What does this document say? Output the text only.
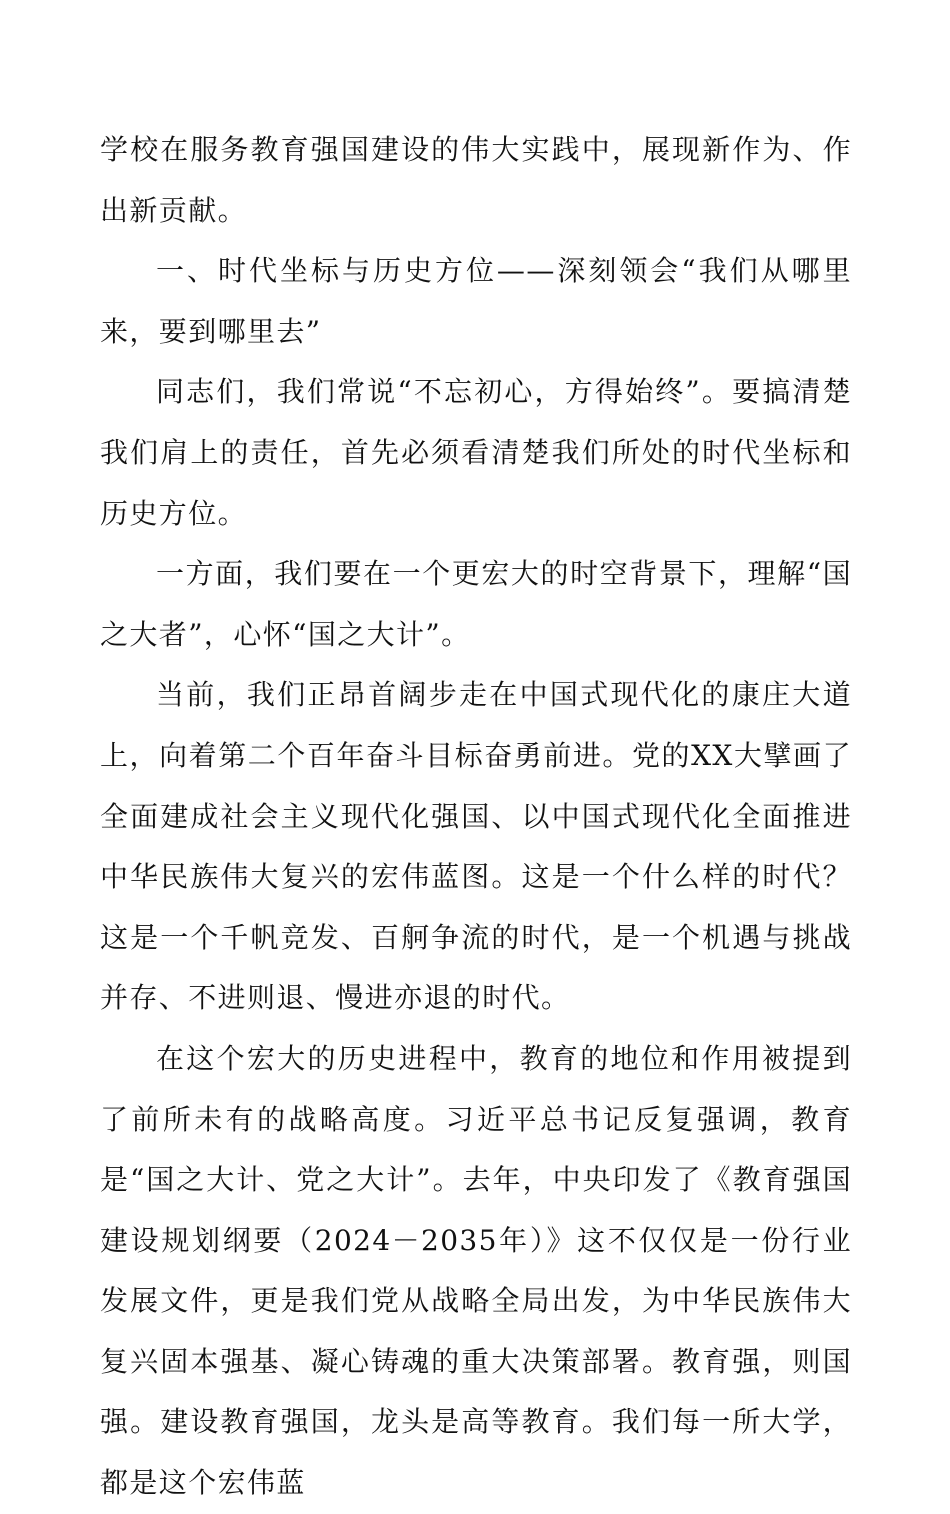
学校在服务教育强国建设的伟大实践中，展现新作为、作出新贡献。

一、时代坐标与历史方位——深刻领会“我们从哪里来，要到哪里去”

同志们，我们常说“不忘初心，方得始终”。要搞清楚我们肩上的责任，首先必须看清楚我们所处的时代坐标和历史方位。

一方面，我们要在一个更宏大的时空背景下，理解“国之大者”，心怀“国之大计”。

当前，我们正昂首阔步走在中国式现代化的康庄大道上，向着第二个百年奋斗目标奋勇前进。党的XX大擘画了全面建成社会主义现代化强国、以中国式现代化全面推进中华民族伟大复兴的宏伟蓝图。这是一个什么样的时代？这是一个千帆竞发、百舸争流的时代，是一个机遇与挑战并存、不进则退、慢进亦退的时代。

在这个宏大的历史进程中，教育的地位和作用被提到了前所未有的战略高度。习近平总书记反复强调，教育是“国之大计、党之大计”。去年，中央印发了《教育强国建设规划纲要（2024－2035年）》这不仅仅是一份行业发展文件，更是我们党从战略全局出发，为中华民族伟大复兴固本强基、凝心铸魂的重大决策部署。教育强，则国强。建设教育强国，龙头是高等教育。我们每一所大学，都是这个宏伟蓝
